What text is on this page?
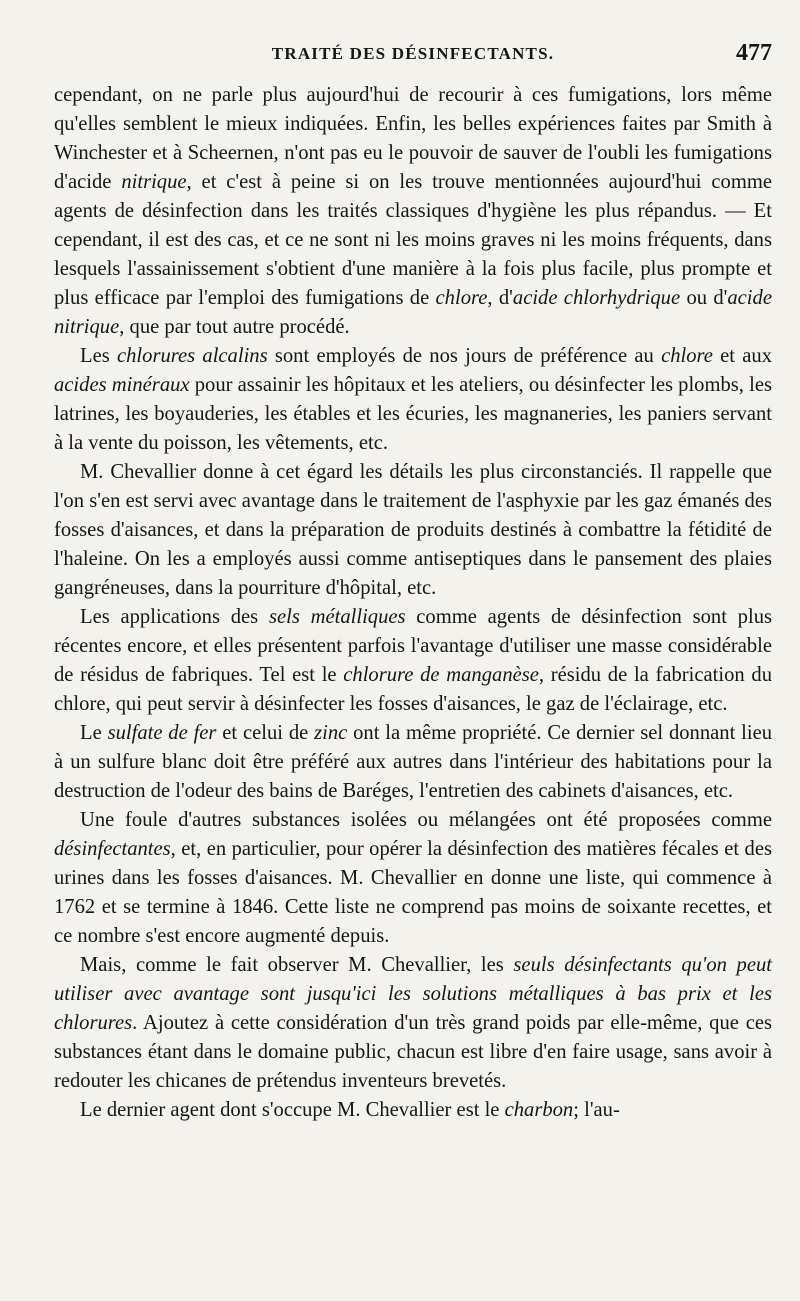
TRAITÉ DES DÉSINFECTANTS.	477

cependant, on ne parle plus aujourd'hui de recourir à ces fumigations, lors même qu'elles semblent le mieux indiquées. Enfin, les belles expériences faites par Smith à Winchester et à Scheernen, n'ont pas eu le pouvoir de sauver de l'oubli les fumigations d'acide nitrique, et c'est à peine si on les trouve mentionnées aujourd'hui comme agents de désinfection dans les traités classiques d'hygiène les plus répandus. — Et cependant, il est des cas, et ce ne sont ni les moins graves ni les moins fréquents, dans lesquels l'assainissement s'obtient d'une manière à la fois plus facile, plus prompte et plus efficace par l'emploi des fumigations de chlore, d'acide chlorhydrique ou d'acide nitrique, que par tout autre procédé.

Les chlorures alcalins sont employés de nos jours de préférence au chlore et aux acides minéraux pour assainir les hôpitaux et les ateliers, ou désinfecter les plombs, les latrines, les boyauderies, les étables et les écuries, les magnaneries, les paniers servant à la vente du poisson, les vêtements, etc.

M. Chevallier donne à cet égard les détails les plus circonstanciés. Il rappelle que l'on s'en est servi avec avantage dans le traitement de l'asphyxie par les gaz émanés des fosses d'aisances, et dans la préparation de produits destinés à combattre la fétidité de l'haleine. On les a employés aussi comme antiseptiques dans le pansement des plaies gangréneuses, dans la pourriture d'hôpital, etc.

Les applications des sels métalliques comme agents de désinfection sont plus récentes encore, et elles présentent parfois l'avantage d'utiliser une masse considérable de résidus de fabriques. Tel est le chlorure de manganèse, résidu de la fabrication du chlore, qui peut servir à désinfecter les fosses d'aisances, le gaz de l'éclairage, etc.

Le sulfate de fer et celui de zinc ont la même propriété. Ce dernier sel donnant lieu à un sulfure blanc doit être préféré aux autres dans l'intérieur des habitations pour la destruction de l'odeur des bains de Baréges, l'entretien des cabinets d'aisances, etc.

Une foule d'autres substances isolées ou mélangées ont été proposées comme désinfectantes, et, en particulier, pour opérer la désinfection des matières fécales et des urines dans les fosses d'aisances. M. Chevallier en donne une liste, qui commence à 1762 et se termine à 1846. Cette liste ne comprend pas moins de soixante recettes, et ce nombre s'est encore augmenté depuis.

Mais, comme le fait observer M. Chevallier, les seuls désinfectants qu'on peut utiliser avec avantage sont jusqu'ici les solutions métalliques à bas prix et les chlorures. Ajoutez à cette considération d'un très grand poids par elle-même, que ces substances étant dans le domaine public, chacun est libre d'en faire usage, sans avoir à redouter les chicanes de prétendus inventeurs brevetés.

Le dernier agent dont s'occupe M. Chevallier est le charbon; l'au-
